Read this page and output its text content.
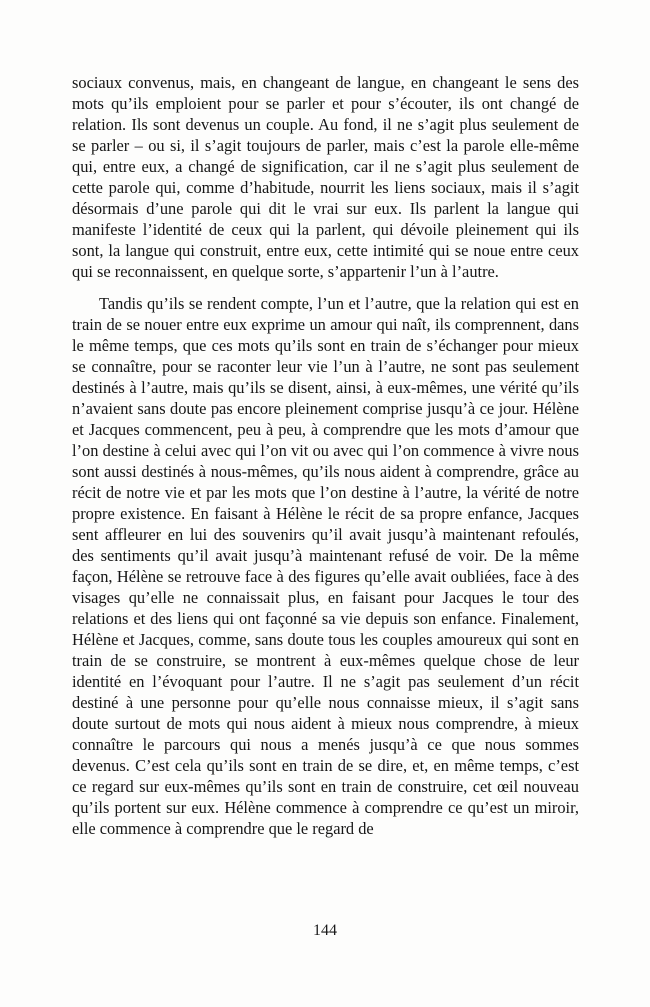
sociaux convenus, mais, en changeant de langue, en changeant le sens des mots qu’ils emploient pour se parler et pour s’écouter, ils ont changé de relation. Ils sont devenus un couple. Au fond, il ne s’agit plus seulement de se parler – ou si, il s’agit toujours de parler, mais c’est la parole elle-même qui, entre eux, a changé de signification, car il ne s’agit plus seulement de cette parole qui, comme d’habitude, nourrit les liens sociaux, mais il s’agit désormais d’une parole qui dit le vrai sur eux. Ils parlent la langue qui manifeste l’identité de ceux qui la parlent, qui dévoile pleinement qui ils sont, la langue qui construit, entre eux, cette intimité qui se noue entre ceux qui se reconnaissent, en quelque sorte, s’appartenir l’un à l’autre.

Tandis qu’ils se rendent compte, l’un et l’autre, que la relation qui est en train de se nouer entre eux exprime un amour qui naît, ils comprennent, dans le même temps, que ces mots qu’ils sont en train de s’échanger pour mieux se connaître, pour se raconter leur vie l’un à l’autre, ne sont pas seulement destinés à l’autre, mais qu’ils se disent, ainsi, à eux-mêmes, une vérité qu’ils n’avaient sans doute pas encore pleinement comprise jusqu’à ce jour. Hélène et Jacques commencent, peu à peu, à comprendre que les mots d’amour que l’on destine à celui avec qui l’on vit ou avec qui l’on commence à vivre nous sont aussi destinés à nous-mêmes, qu’ils nous aident à comprendre, grâce au récit de notre vie et par les mots que l’on destine à l’autre, la vérité de notre propre existence. En faisant à Hélène le récit de sa propre enfance, Jacques sent affleurer en lui des souvenirs qu’il avait jusqu’à maintenant refoulés, des sentiments qu’il avait jusqu’à maintenant refusé de voir. De la même façon, Hélène se retrouve face à des figures qu’elle avait oubliées, face à des visages qu’elle ne connaissait plus, en faisant pour Jacques le tour des relations et des liens qui ont façonné sa vie depuis son enfance. Finalement, Hélène et Jacques, comme, sans doute tous les couples amoureux qui sont en train de se construire, se montrent à eux-mêmes quelque chose de leur identité en l’évoquant pour l’autre. Il ne s’agit pas seulement d’un récit destiné à une personne pour qu’elle nous connaisse mieux, il s’agit sans doute surtout de mots qui nous aident à mieux nous comprendre, à mieux connaître le parcours qui nous a menés jusqu’à ce que nous sommes devenus. C’est cela qu’ils sont en train de se dire, et, en même temps, c’est ce regard sur eux-mêmes qu’ils sont en train de construire, cet œil nouveau qu’ils portent sur eux. Hélène commence à comprendre ce qu’est un miroir, elle commence à comprendre que le regard de

144
